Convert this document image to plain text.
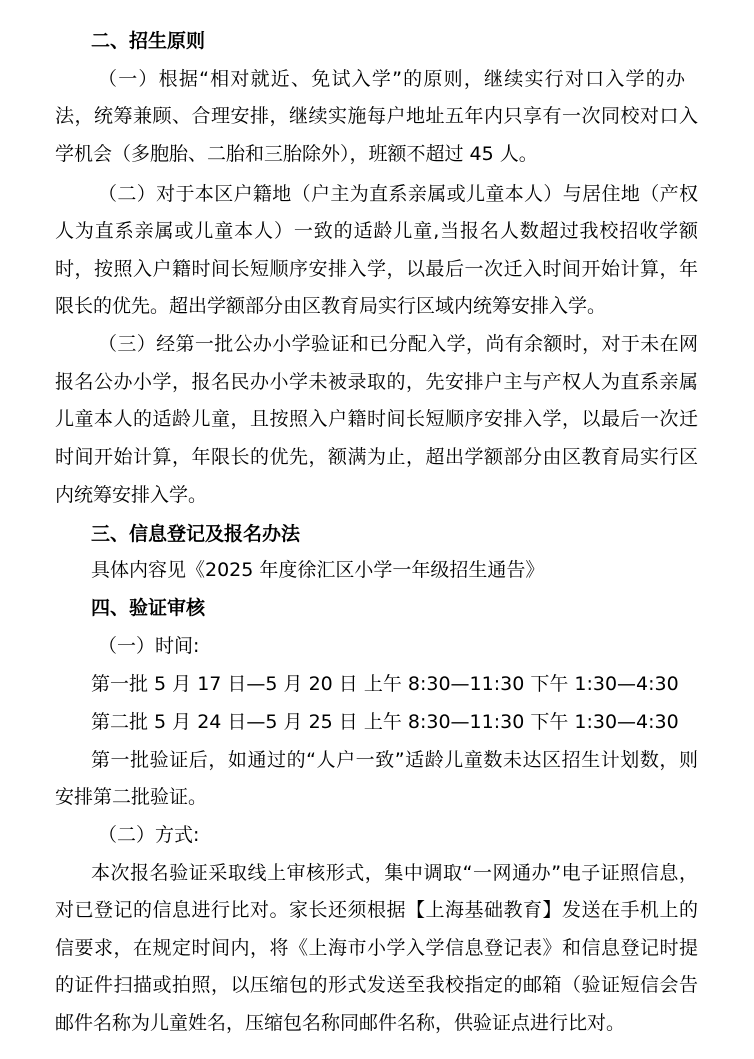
二、招生原则
（一）根据“相对就近、免试入学”的原则，继续实行对口入学的办
法，统筹兼顾、合理安排，继续实施每户地址五年内只享有一次同校对口入
学机会（多胞胎、二胎和三胎除外），班额不超过 45 人。
（二）对于本区户籍地（户主为直系亲属或儿童本人）与居住地（产权
人为直系亲属或儿童本人）一致的适龄儿童,当报名人数超过我校招收学额
时，按照入户籍时间长短顺序安排入学，以最后一次迁入时间开始计算，年
限长的优先。超出学额部分由区教育局实行区域内统筹安排入学。
（三）经第一批公办小学验证和已分配入学，尚有余额时，对于未在网
报名公办小学，报名民办小学未被录取的，先安排户主与产权人为直系亲属
儿童本人的适龄儿童，且按照入户籍时间长短顺序安排入学，以最后一次迁
时间开始计算，年限长的优先，额满为止，超出学额部分由区教育局实行区
内统筹安排入学。
三、信息登记及报名办法
具体内容见《2025 年度徐汇区小学一年级招生通告》
四、验证审核
（一）时间:
第一批 5 月 17 日—5 月 20 日 上午 8:30—11:30 下午 1:30—4:30
第二批 5 月 24 日—5 月 25 日 上午 8:30—11:30 下午 1:30—4:30
第一批验证后，如通过的“人户一致”适龄儿童数未达区招生计划数，则
安排第二批验证。
（二）方式:
本次报名验证采取线上审核形式，集中调取“一网通办”电子证照信息，
对已登记的信息进行比对。家长还须根据【上海基础教育】发送在手机上的
信要求，在规定时间内，将《上海市小学入学信息登记表》和信息登记时提
的证件扫描或拍照，以压缩包的形式发送至我校指定的邮箱（验证短信会告
邮件名称为儿童姓名，压缩包名称同邮件名称，供验证点进行比对。
